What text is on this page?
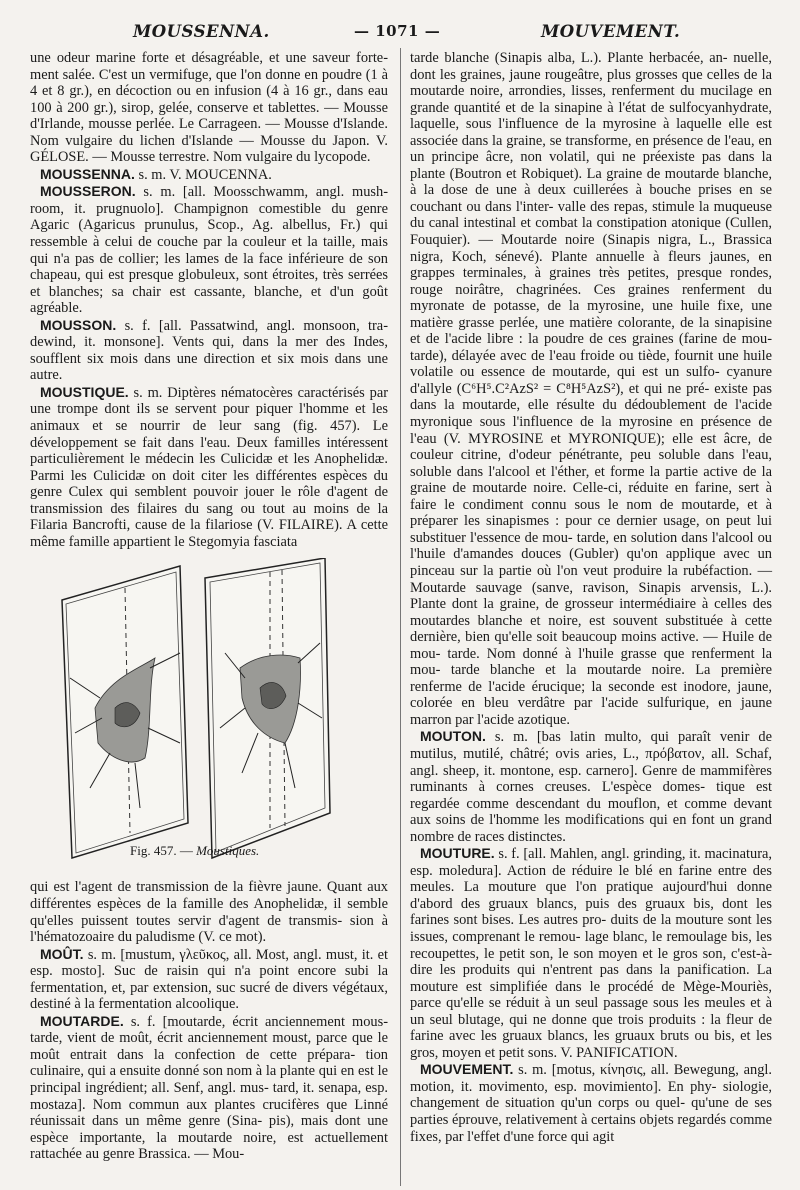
MOUSSENNA.	— 1071 —	MOUVEMENT.

une odeur marine forte et désagréable, et une saveur forte- ment salée. C'est un vermifuge, que l'on donne en poudre (1 à 4 et 8 gr.), en décoction ou en infusion (4 à 16 gr., dans eau 100 à 200 gr.), sirop, gelée, conserve et tablettes. — Mousse d'Irlande, mousse perlée. Le Carrageen. — Mousse d'Islande. Nom vulgaire du lichen d'Islande — Mousse du Japon. V. GÉLOSE. — Mousse terrestre. Nom vulgaire du lycopode.

MOUSSENNA. s. m. V. MOUCENNA.

MOUSSERON. s. m. [all. Moosschwamm, angl. mush- room, it. prugnuolo]. Champignon comestible du genre Agaric (Agaricus prunulus, Scop., Ag. albellus, Fr.) qui ressemble à celui de couche par la couleur et la taille, mais qui n'a pas de collier; les lames de la face inférieure de son chapeau, qui est presque globuleux, sont étroites, très serrées et blanches; sa chair est cassante, blanche, et d'un goût agréable.

MOUSSON. s. f. [all. Passatwind, angl. monsoon, tra- dewind, it. monsone]. Vents qui, dans la mer des Indes, soufflent six mois dans une direction et six mois dans une autre.

MOUSTIQUE. s. m. Diptères nématocères caractérisés par une trompe dont ils se servent pour piquer l'homme et les animaux et se nourrir de leur sang (fig. 457). Le développement se fait dans l'eau. Deux familles intéressent particulièrement le médecin les Culicidæ et les Anophelidæ. Parmi les Culicidæ on doit citer les différentes espèces du genre Culex qui semblent pouvoir jouer le rôle d'agent de transmission des filaires du sang ou tout au moins de la Filaria Bancrofti, cause de la filariose (V. FILAIRE). A cette même famille appartient le Stegomyia fasciata

Fig. 457. — Moustiques.

qui est l'agent de transmission de la fièvre jaune. Quant aux différentes espèces de la famille des Anophelidæ, il semble qu'elles puissent toutes servir d'agent de transmis- sion à l'hématozoaire du paludisme (V. ce mot).

MOÛT. s. m. [mustum, γλεῦκος, all. Most, angl. must, it. et esp. mosto]. Suc de raisin qui n'a point encore subi la fermentation, et, par extension, suc sucré de divers végétaux, destiné à la fermentation alcoolique.

MOUTARDE. s. f. [moutarde, écrit anciennement mous- tarde, vient de moût, écrit anciennement moust, parce que le moût entrait dans la confection de cette prépara- tion culinaire, qui a ensuite donné son nom à la plante qui en est le principal ingrédient; all. Senf, angl. mus- tard, it. senapa, esp. mostaza]. Nom commun aux plantes crucifères que Linné réunissait dans un même genre (Sina- pis), mais dont une espèce importante, la moutarde noire, est actuellement rattachée au genre Brassica. — Mou-

tarde blanche (Sinapis alba, L.). Plante herbacée, an- nuelle, dont les graines, jaune rougeâtre, plus grosses que celles de la moutarde noire, arrondies, lisses, renferment du mucilage en grande quantité et de la sinapine à l'état de sulfocyanhydrate, laquelle, sous l'influence de la myrosine à laquelle elle est associée dans la graine, se transforme, en présence de l'eau, en un principe âcre, non volatil, qui ne préexiste pas dans la plante (Boutron et Robiquet). La graine de moutarde blanche, à la dose de une à deux cuillerées à bouche prises en se couchant ou dans l'inter- valle des repas, stimule la muqueuse du canal intestinal et combat la constipation atonique (Cullen, Fouquier). — Moutarde noire (Sinapis nigra, L., Brassica nigra, Koch, sénevé). Plante annuelle à fleurs jaunes, en grappes terminales, à graines très petites, presque rondes, rouge noirâtre, chagrinées. Ces graines renferment du myronate de potasse, de la myrosine, une huile fixe, une matière grasse perlée, une matière colorante, de la sinapisine et de l'acide libre : la poudre de ces graines (farine de mou- tarde), délayée avec de l'eau froide ou tiède, fournit une huile volatile ou essence de moutarde, qui est un sulfo- cyanure d'allyle (C⁶H⁵.C²AzS² = C⁸H⁵AzS²), et qui ne pré- existe pas dans la moutarde, elle résulte du dédoublement de l'acide myronique sous l'influence de la myrosine en présence de l'eau (V. MYROSINE et MYRONIQUE); elle est âcre, de couleur citrine, d'odeur pénétrante, peu soluble dans l'eau, soluble dans l'alcool et l'éther, et forme la partie active de la graine de moutarde noire. Celle-ci, réduite en farine, sert à faire le condiment connu sous le nom de moutarde, et à préparer les sinapismes : pour ce dernier usage, on peut lui substituer l'essence de mou- tarde, en solution dans l'alcool ou l'huile d'amandes douces (Gubler) qu'on applique avec un pinceau sur la partie où l'on veut produire la rubéfaction. — Moutarde sauvage (sanve, ravison, Sinapis arvensis, L.). Plante dont la graine, de grosseur intermédiaire à celles des moutardes blanche et noire, est souvent substituée à cette dernière, bien qu'elle soit beaucoup moins active. — Huile de mou- tarde. Nom donné à l'huile grasse que renferment la mou- tarde blanche et la moutarde noire. La première renferme de l'acide érucique; la seconde est inodore, jaune, colorée en bleu verdâtre par l'acide sulfurique, en jaune marron par l'acide azotique.

MOUTON. s. m. [bas latin multo, qui paraît venir de mutilus, mutilé, châtré; ovis aries, L., πρόβατον, all. Schaf, angl. sheep, it. montone, esp. carnero]. Genre de mammifères ruminants à cornes creuses. L'espèce domes- tique est regardée comme descendant du mouflon, et comme devant aux soins de l'homme les modifications qui en font un grand nombre de races distinctes.

MOUTURE. s. f. [all. Mahlen, angl. grinding, it. macinatura, esp. moledura]. Action de réduire le blé en farine entre des meules. La mouture que l'on pratique aujourd'hui donne d'abord des gruaux blancs, puis des gruaux bis, dont les farines sont bises. Les autres pro- duits de la mouture sont les issues, comprenant le remou- lage blanc, le remoulage bis, les recoupettes, le petit son, le son moyen et le gros son, c'est-à-dire les produits qui n'entrent pas dans la panification. La mouture est simplifiée dans le procédé de Mège-Mouriès, parce qu'elle se réduit à un seul passage sous les meules et à un seul blutage, qui ne donne que trois produits : la fleur de farine avec les gruaux blancs, les gruaux bruts ou bis, et les gros, moyen et petit sons. V. PANIFICATION.

MOUVEMENT. s. m. [motus, κίνησις, all. Bewegung, angl. motion, it. movimento, esp. movimiento]. En phy- siologie, changement de situation qu'un corps ou quel- qu'une de ses parties éprouve, relativement à certains objets regardés comme fixes, par l'effet d'une force qui agit
